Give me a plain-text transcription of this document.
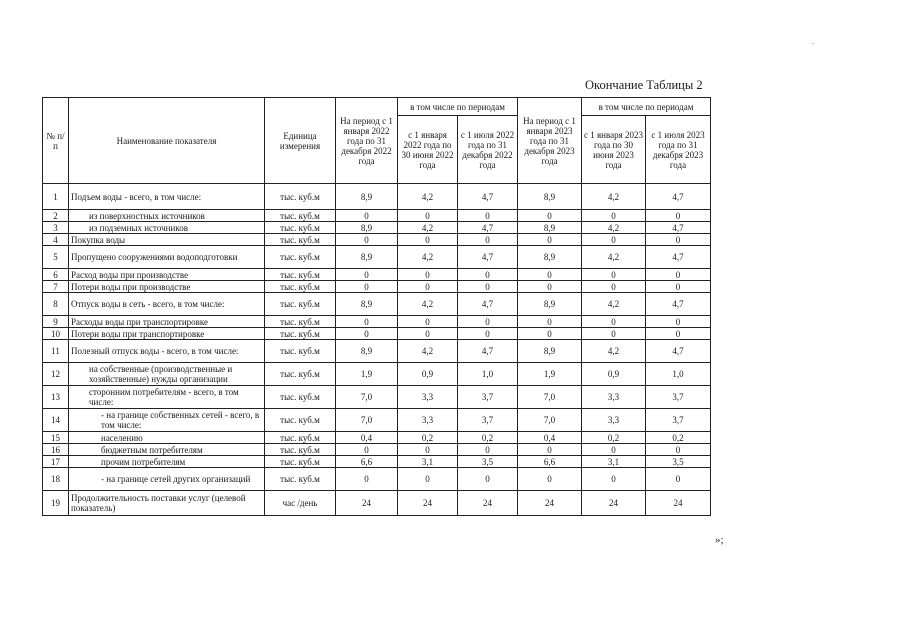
.
Окончание Таблицы 2
№ п/п	Наименование показателя	Единица измерения	На период с 1 января 2022 года по 31 декабря 2022 года	в том числе по периодам		На период с 1 января 2023 года по 31 декабря 2023 года	в том числе по периодам	
				с 1 января 2022 года по 30 июня 2022 года	с 1 июля 2022 года по 31 декабря 2022 года		с 1 января 2023 года по 30 июня 2023 года	с 1 июля 2023 года по 31 декабря 2023 года
1	Подъем воды - всего, в том числе:	тыс. куб.м	8,9	4,2	4,7	8,9	4,2	4,7
2	из поверхностных источников	тыс. куб.м	0	0	0	0	0	0
3	из подземных источников	тыс. куб.м	8,9	4,2	4,7	8,9	4,2	4,7
4	Покупка воды	тыс. куб.м	0	0	0	0	0	0
5	Пропущено сооружениями водоподготовки	тыс. куб.м	8,9	4,2	4,7	8,9	4,2	4,7
6	Расход воды при производстве	тыс. куб.м	0	0	0	0	0	0
7	Потери воды при производстве	тыс. куб.м	0	0	0	0	0	0
8	Отпуск воды в сеть - всего, в том числе:	тыс. куб.м	8,9	4,2	4,7	8,9	4,2	4,7
9	Расходы воды при транспортировке	тыс. куб.м	0	0	0	0	0	0
10	Потери воды при транспортировке	тыс. куб.м	0	0	0	0	0	0
11	Полезный отпуск воды - всего, в том числе:	тыс. куб.м	8,9	4,2	4,7	8,9	4,2	4,7
12	на собственные (производственные и хозяйственные) нужды организации	тыс. куб.м	1,9	0,9	1,0	1,9	0,9	1,0
13	сторонним потребителям - всего, в том числе:	тыс. куб.м	7,0	3,3	3,7	7,0	3,3	3,7
14	- на границе собственных сетей - всего, в том числе:	тыс. куб.м	7,0	3,3	3,7	7,0	3,3	3,7
15	населению	тыс. куб.м	0,4	0,2	0,2	0,4	0,2	0,2
16	бюджетным потребителям	тыс. куб.м	0	0	0	0	0	0
17	прочим потребителям	тыс. куб.м	6,6	3,1	3,5	6,6	3,1	3,5
18	- на границе сетей других организаций	тыс. куб.м	0	0	0	0	0	0
19	Продолжительность поставки услуг (целевой показатель)	час /день	24	24	24	24	24	24
»;
